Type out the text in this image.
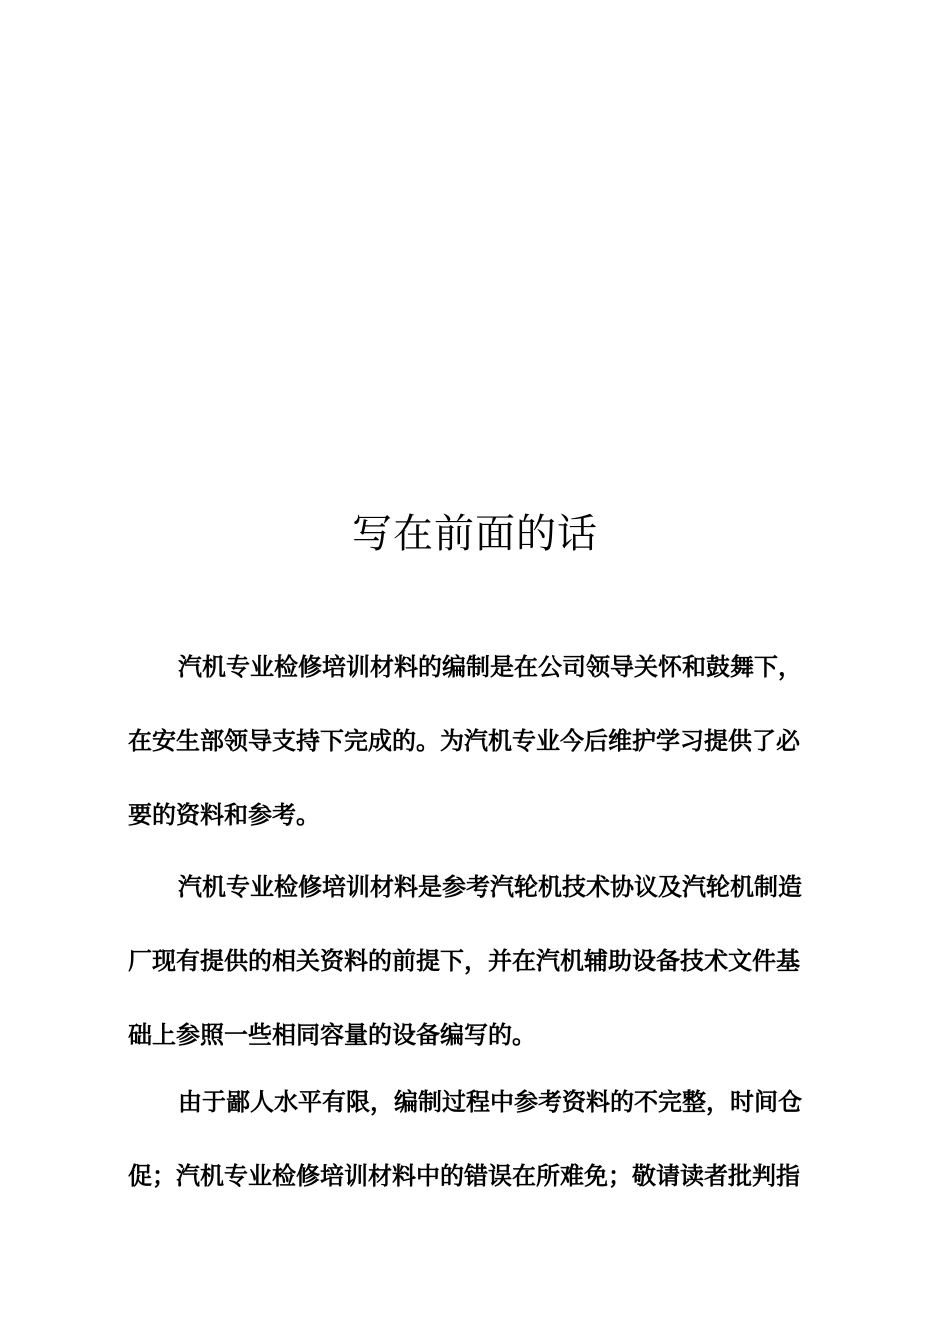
写在前面的话
汽机专业检修培训材料的编制是在公司领导关怀和鼓舞下，
在安生部领导支持下完成的。为汽机专业今后维护学习提供了必
要的资料和参考。
汽机专业检修培训材料是参考汽轮机技术协议及汽轮机制造
厂现有提供的相关资料的前提下，并在汽机辅助设备技术文件基
础上参照一些相同容量的设备编写的。
由于鄙人水平有限，编制过程中参考资料的不完整，时间仓
促；汽机专业检修培训材料中的错误在所难免；敬请读者批判指
